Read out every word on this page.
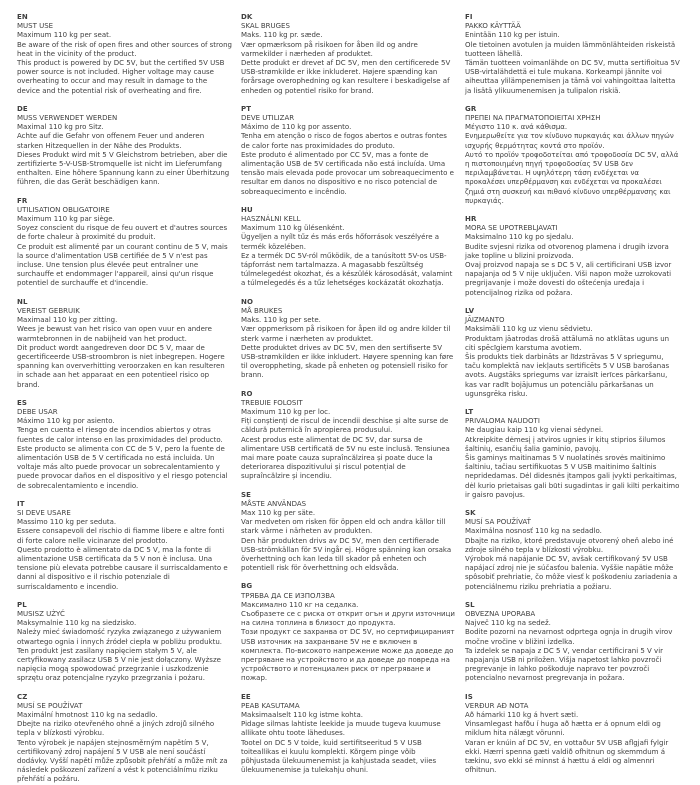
EN

MUST USE

Maximum 110 kg per seat.

Be aware of the risk of open fires and other sources of strong heat in the vicinity of the product.

This product is powered by DC 5V, but the certified 5V USB power source is not included. Higher voltage may cause overheating to occur and may result in damage to the device and the potential risk of overheating and fire.

DE

MUSS VERWENDET WERDEN

Maximal 110 kg pro Sitz.

Achte auf die Gefahr von offenem Feuer und anderen starken Hitzequellen in der Nähe des Produkts.

Dieses Produkt wird mit 5 V Gleichstrom betrieben, aber die zertifizierte 5-V-USB-Stromquelle ist nicht im Lieferumfang enthalten. Eine höhere Spannung kann zu einer Überhitzung führen, die das Gerät beschädigen kann.

FR

UTILISATION OBLIGATOIRE

Maximum 110 kg par siège.

Soyez conscient du risque de feu ouvert et d'autres sources de forte chaleur à proximité du produit.

Ce produit est alimenté par un courant continu de 5 V, mais la source d'alimentation USB certifiée de 5 V n'est pas incluse. Une tension plus élevée peut entraîner une surchauffe et endommager l'appareil, ainsi qu'un risque potentiel de surchauffe et d'incendie.

NL

VEREIST GEBRUIK

Maximaal 110 kg per zitting.

Wees je bewust van het risico van open vuur en andere warmtebronnen in de nabijheid van het product.

Dit product wordt aangedreven door DC 5 V, maar de gecertificeerde USB-stroombron is niet inbegrepen. Hogere spanning kan oververhitting veroorzaken en kan resulteren in schade aan het apparaat en een potentieel risico op brand.

ES

DEBE USAR

Máximo 110 kg por asiento.

Tenga en cuenta el riesgo de incendios abiertos y otras fuentes de calor intenso en las proximidades del producto.

Este producto se alimenta con CC de 5 V, pero la fuente de alimentación USB de 5 V certificada no está incluida. Un voltaje más alto puede provocar un sobrecalentamiento y puede provocar daños en el dispositivo y el riesgo potencial de sobrecalentamiento e incendio.

IT

SI DEVE USARE

Massimo 110 kg per seduta.

Essere consapevoli del rischio di fiamme libere e altre fonti di forte calore nelle vicinanze del prodotto.

Questo prodotto è alimentato da DC 5 V, ma la fonte di alimentazione USB certificata da 5 V non è inclusa. Una tensione più elevata potrebbe causare il surriscaldamento e danni al dispositivo e il rischio potenziale di surriscaldamento e incendio.

PL

MUSISZ UŻYĆ

Maksymalnie 110 kg na siedzisko.

Należy mieć świadomość ryzyka związanego z używaniem otwartego ognia i innych źródeł ciepła w pobliżu produktu.

Ten produkt jest zasilany napięciem stałym 5 V, ale certyfikowany zasilacz USB 5 V nie jest dołączony. Wyższe napięcia mogą spowodować przegrzanie i uszkodzenie sprzętu oraz potencjalne ryzyko przegrzania i pożaru.

CZ

MUSÍ SE POUŽÍVAT

Maximální hmotnost 110 kg na sedadlo.

Dbejte na riziko otevřeného ohně a jiných zdrojů silného tepla v blízkosti výrobku.

Tento výrobek je napájen stejnosměrným napětím 5 V, certifikovaný zdroj napájení 5 V USB ale není součástí dodávky. Vyšší napětí může způsobit přehřátí a může mít za následek poškození zařízení a vést k potenciálnímu riziku přehřátí a požáru.

DK

SKAL BRUGES

Maks. 110 kg pr. sæde.

Vær opmærksom på risikoen for åben ild og andre varmekilder i nærheden af produktet.

Dette produkt er drevet af DC 5V, men den certificerede 5V USB-strømkilde er ikke inkluderet. Højere spænding kan forårsage overophedning og kan resultere i beskadigelse af enheden og potentiel risiko for brand.

PT

DEVE UTILIZAR

Máximo de 110 kg por assento.

Tenha em atenção o risco de fogos abertos e outras fontes de calor forte nas proximidades do produto.

Este produto é alimentado por CC 5V, mas a fonte de alimentação USB de 5V certificada não está incluída. Uma tensão mais elevada pode provocar um sobreaquecimento e resultar em danos no dispositivo e no risco potencial de sobreaquecimento e incêndio.

HU

HASZNÁLNI KELL

Maximum 110 kg ülésenként.

Ügyeljen a nyílt tűz és más erős hőforrások veszélyére a termék közelében.

Ez a termék DC 5V-ról működik, de a tanúsított 5V-os USB-tápforrást nem tartalmazza. A magasabb feszültség túlmelegedést okozhat, és a készülék károsodását, valamint a túlmelegedés és a tűz lehetséges kockázatát okozhatja.

NO

MÅ BRUKES

Maks. 110 kg per sete.

Vær oppmerksom på risikoen for åpen ild og andre kilder til sterk varme i nærheten av produktet.

Dette produktet drives av DC 5V, men den sertifiserte 5V USB-strømkilden er ikke inkludert. Høyere spenning kan føre til overoppheting, skade på enheten og potensiell risiko for brann.

RO

TREBUIE FOLOSIT

Maximum 110 kg per loc.

Fiți conștienți de riscul de incendii deschise și alte surse de căldură puternică în apropierea produsului.

Acest produs este alimentat de DC 5V, dar sursa de alimentare USB certificată de 5V nu este inclusă. Tensiunea mai mare poate cauza supraîncălzirea și poate duce la deteriorarea dispozitivului și riscul potențial de supraîncălzire și incendiu.

SE

MÅSTE ANVÄNDAS

Max 110 kg per säte.

Var medveten om risken för öppen eld och andra källor till stark värme i närheten av produkten.

Den här produkten drivs av DC 5V, men den certifierade USB-strömkällan för 5V ingår ej. Högre spänning kan orsaka överhettning och kan leda till skador på enheten och potentiell risk för överhettning och eldsvåda.

BG

ТРЯБВА ДА СЕ ИЗПОЛЗВА

Максимално 110 кг на седалка.

Съобразете се с риска от открит огън и други източници на силна топлина в близост до продукта.

Този продукт се захранва от DC 5V, но сертифицираният USB източник на захранване 5V не е включен в комплекта. По-високото напрежение може да доведе до прегряване на устройството и да доведе до повреда на устройството и потенциален риск от прегряване и пожар.

EE

PEAB KASUTAMA

Maksimaalselt 110 kg istme kohta.

Pidage silmas lahtiste leekide ja muude tugeva kuumuse allikate ohtu toote läheduses.

Tootel on DC 5 V toide, kuid sertifitseeritud 5 V USB toiteallikas ei kuulu komplekti. Kõrgem pinge võib põhjustada ülekuumenemist ja kahjustada seadet, viies ülekuumenemise ja tulekahju ohuni.

FI

PAKKO KÄYTTÄÄ

Enintään 110 kg per istuin.

Ole tietoinen avotulen ja muiden lämmönlähteiden riskeistä tuotteen lähellä.

Tämän tuotteen voimanlähde on DC 5V, mutta sertifioitua 5V USB-virtalähdettä ei tule mukana. Korkeampi jännite voi aiheuttaa ylilämpenemisen ja tämä voi vahingoittaa laitetta ja lisätä ylikuumenemisen ja tulipalon riskiä.

GR

ΠΡΕΠΕΙ ΝΑ ΠΡΑΓΜΑΤΟΠΟΙΕΙΤΑΙ ΧΡΗΣΗ

Μέγιστο 110 κ. ανά κάθισμα.

Ενημερωθείτε για τον κίνδυνο πυρκαγιάς και άλλων πηγών ισχυρής θερμότητας κοντά στο προϊόν.

Αυτό το προϊόν τροφοδοτείται από τροφοδοσία DC 5V, αλλά η πιστοποιημένη πηγή τροφοδοσίας 5V USB δεν περιλαμβάνεται. Η υψηλότερη τάση ενδέχεται να προκαλέσει υπερθέρμανση και ενδέχεται να προκαλέσει ζημιά στη συσκευή και πιθανό κίνδυνο υπερθέρμανσης και πυρκαγιάς.

HR

MORA SE UPOTREBLJAVATI

Maksimalno 110 kg po sjedalu.

Budite svjesni rizika od otvorenog plamena i drugih izvora jake topline u blizini proizvoda.

Ovaj proizvod napaja se s DC 5 V, ali certificirani USB izvor napajanja od 5 V nije uključen. Viši napon može uzrokovati pregrijavanje i može dovesti do oštećenja uređaja i potencijalnog rizika od požara.

LV

JĀIZMANTO

Maksimāli 110 kg uz vienu sēdvietu.

Produktam jāatrodas drošā attālumā no atklātas uguns un citi spēcīgiem karstuma avotiem.

Šis produkts tiek darbināts ar līdzstrāvas 5 V spriegumu, taču komplektā nav iekļauts sertificēts 5 V USB barošanas avots. Augstāks spriegums var izraisīt ierīces pārkaršanu, kas var radīt bojājumus un potenciālu pārkaršanas un ugunsgrēka risku.

LT

PRIVALOMA NAUDOTI

Ne daugiau kaip 110 kg vienai sėdynei.

Atkreipkite dėmesį į atviros ugnies ir kitų stiprios šilumos šaltinių, esančių šalia gaminio, pavojų.

Šis gaminys maitinamas 5 V nuolatinės srovės maitinimo šaltiniu, tačiau sertifikuotas 5 V USB maitinimo šaltinis nepridedamas. Dėl didesnės įtampos gali įvykti perkaitimas, dėl kurio prietaisas gali būti sugadintas ir gali kilti perkaitimo ir gaisro pavojus.

SK

MUSÍ SA POUŽÍVAŤ

Maximálna nosnosť 110 kg na sedadlo.

Dbajte na riziko, ktoré predstavuje otvorený oheň alebo iné zdroje silného tepla v blízkosti výrobku.

Výrobok má napájanie DC 5V, avšak certifikovaný 5V USB napájací zdroj nie je súčasťou balenia. Vyššie napätie môže spôsobiť prehriatie, čo môže viesť k poškodeniu zariadenia a potenciálnemu riziku prehriatia a požiaru.

SL

OBVEZNA UPORABA

Največ 110 kg na sedež.

Bodite pozorni na nevarnost odprtega ognja in drugih virov močne vročine v bližini izdelka.

Ta izdelek se napaja z DC 5 V, vendar certificirani 5 V vir napajanja USB ni priložen. Višja napetost lahko povzroči pregrevanje in lahko poškoduje napravo ter povzroči potencialno nevarnost pregrevanja in požara.

IS

VERÐUR AÐ NOTA

Að hámarki 110 kg á hvert sæti.

Vinsamlegast hafðu í huga að hætta er á opnum eldi og miklum hita nálægt vörunni.

Varan er knúin af DC 5V, en vottaður 5V USB aflgjafi fylgir ekki. Hærri spenna gæti valdið ofhitnun og skemmdum á tækinu, svo ekki sé minnst á hættu á eldi og almennri ofhitnun.
